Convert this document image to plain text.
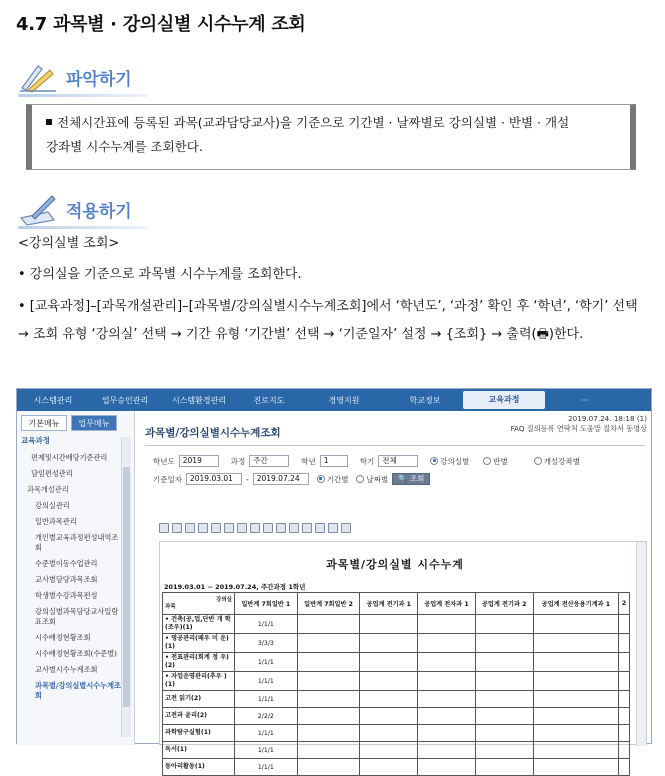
4.7 과목별 · 강의실별 시수누계 조회
파악하기
전체시간표에 등록된 과목(교과담당교사)을 기준으로 기간별 · 날짜별로 강의실별 · 반별 · 개설
강좌별 시수누계를 조회한다.
적용하기
<강의실별 조회>
• 강의실을 기준으로 과목별 시수누계를 조회한다.
• [교육과정]–[과목개설관리]–[과목별/강의실별시수누계조회]에서 ‘학년도’, ‘과정’ 확인 후 ‘학년’, ‘학기’ 선택 → 조회 유형 ‘강의실’ 선택 → 기간 유형 ‘기간별’ 선택 → ‘기준일자’ 설정 → {조회} → 출력(🖶)한다.
시스템관리	업무승인관리	시스템환경관리	진로지도	경영지원	학교정보	교육과정	···
기본메뉴 업무메뉴
교육과정
편제및시간배당기준관리
담임편성관리
과목개설관리
강의실관리
일반과목관리
개인별교육과정편성내역조회
수준별이동수업관리
교사별담당과목조회
학생별수강과목편성
강의실별과목담당교사일람표조회
시수배정현황조회
시수배정현황조회(수준별)
교사별시수누계조회
과목별/강의실별시수누계조회
2019.07.24. 18:18 (1)
FAQ 질의등록 연락처 도움말 절차서 동영상
과목별/강의실별시수누계조회
학년도	2019	과정	주간	학년	1	학기	전체	강의실별	반별	개설강좌별
기준일자	2019.03.01	-	2019.07.24	기간별	날짜별	🔍 조회
과목별/강의실별 시수누계
2019.03.01 ~ 2019.07.24, 주간과정 1학년
강의실
과목	일반계 7회일반 1	일반계 7회일반 2	공업계 전기과 1	공업계 전자과 1	공업계 전기과 2	공업계 전산응용기계과 1	2
• 건축(공,업,단반 개 학(조우)(1)	1/1/1						
• 영공관리(패우 미 운)(1)	3/3/3						
• 전표관리(회계 정 우)(2)	1/1/1						
• 자업운영관리(추우 )(1)	1/1/1						
고전 읽기(2)	1/1/1						
고전과 윤리(2)	2/2/2						
과학탐구실험(1)	1/1/1						
독서(1)	1/1/1						
동아리활동(1)	1/1/1						
